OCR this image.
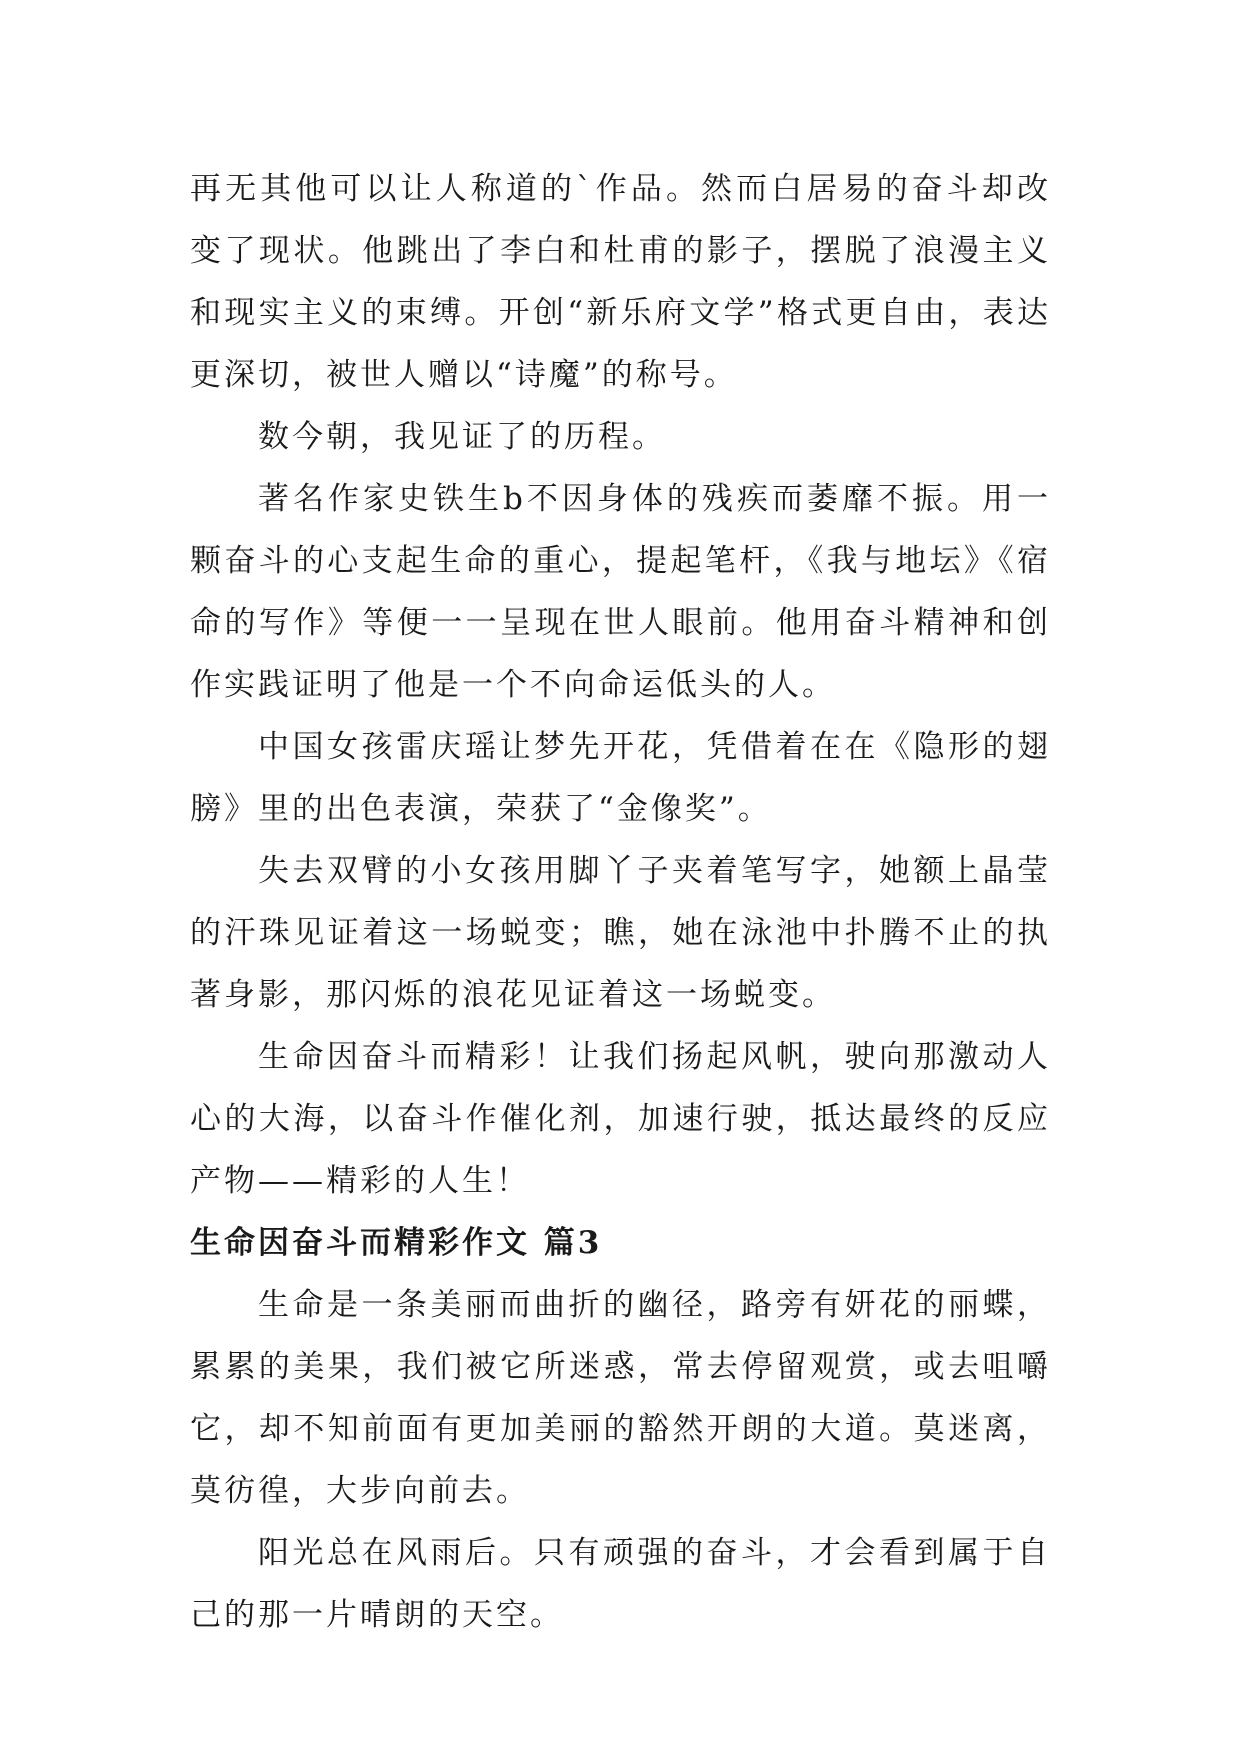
再无其他可以让人称道的`作品。然而白居易的奋斗却改变了现状。他跳出了李白和杜甫的影子，摆脱了浪漫主义和现实主义的束缚。开创“新乐府文学”格式更自由，表达更深切，被世人赠以“诗魔”的称号。

数今朝，我见证了的历程。

著名作家史铁生b不因身体的残疾而萎靡不振。用一颗奋斗的心支起生命的重心，提起笔杆，《我与地坛》《宿命的写作》等便一一呈现在世人眼前。他用奋斗精神和创作实践证明了他是一个不向命运低头的人。

中国女孩雷庆瑶让梦先开花，凭借着在在《隐形的翅膀》里的出色表演，荣获了“金像奖”。

失去双臂的小女孩用脚丫子夹着笔写字，她额上晶莹的汗珠见证着这一场蜕变；瞧，她在泳池中扑腾不止的执著身影，那闪烁的浪花见证着这一场蜕变。

生命因奋斗而精彩！让我们扬起风帆，驶向那激动人心的大海，以奋斗作催化剂，加速行驶，抵达最终的反应产物——精彩的人生！

生命因奋斗而精彩作文 篇3

生命是一条美丽而曲折的幽径，路旁有妍花的丽蝶，累累的美果，我们被它所迷惑，常去停留观赏，或去咀嚼它，却不知前面有更加美丽的豁然开朗的大道。莫迷离，莫彷徨，大步向前去。

阳光总在风雨后。只有顽强的奋斗，才会看到属于自己的那一片晴朗的天空。
